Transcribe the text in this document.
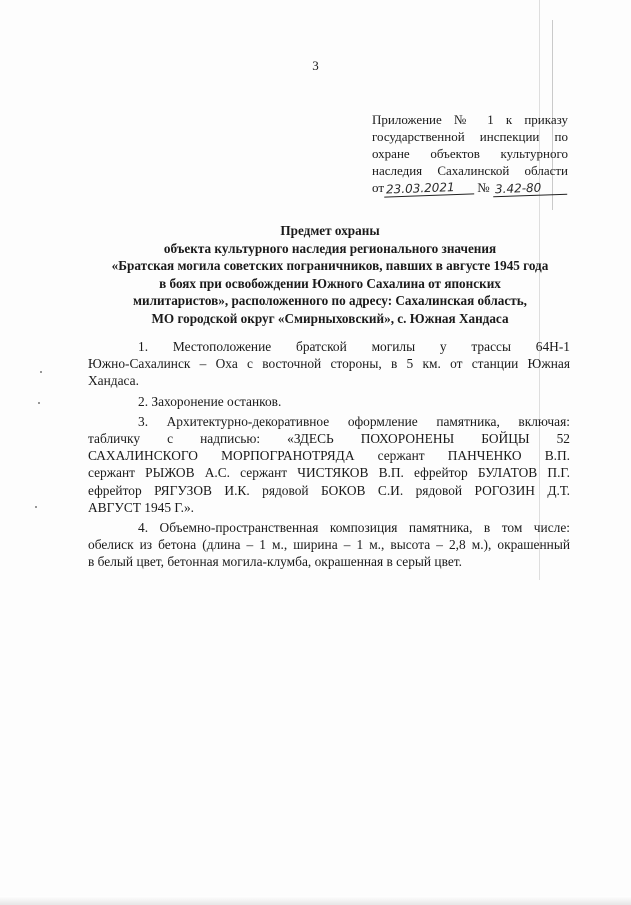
3
Приложение № 1 к приказу
государственной инспекции по
охране объектов культурного
наследия Сахалинской области
от 23.03.2021 № 3.42-80
Предмет охраны
объекта культурного наследия регионального значения
«Братская могила советских пограничников, павших в августе 1945 года
в боях при освобождении Южного Сахалина от японских
милитаристов», расположенного по адресу: Сахалинская область,
МО городской округ «Смирныховский», с. Южная Хандаса
1. Местоположение братской могилы у трассы 64Н-1
Южно-Сахалинск – Оха с восточной стороны, в 5 км. от станции Южная
Хандаса.
2. Захоронение останков.
3. Архитектурно-декоративное оформление памятника, включая:
табличку с надписью: «ЗДЕСЬ ПОХОРОНЕНЫ БОЙЦЫ 52
САХАЛИНСКОГО МОРПОГРАНОТРЯДА сержант ПАНЧЕНКО В.П.
сержант РЫЖОВ А.С. сержант ЧИСТЯКОВ В.П. ефрейтор БУЛАТОВ П.Г.
ефрейтор РЯГУЗОВ И.К. рядовой БОКОВ С.И. рядовой РОГОЗИН Д.Т.
АВГУСТ 1945 Г.».
4. Объемно-пространственная композиция памятника, в том числе:
обелиск из бетона (длина – 1 м., ширина – 1 м., высота – 2,8 м.), окрашенный
в белый цвет, бетонная могила-клумба, окрашенная в серый цвет.
